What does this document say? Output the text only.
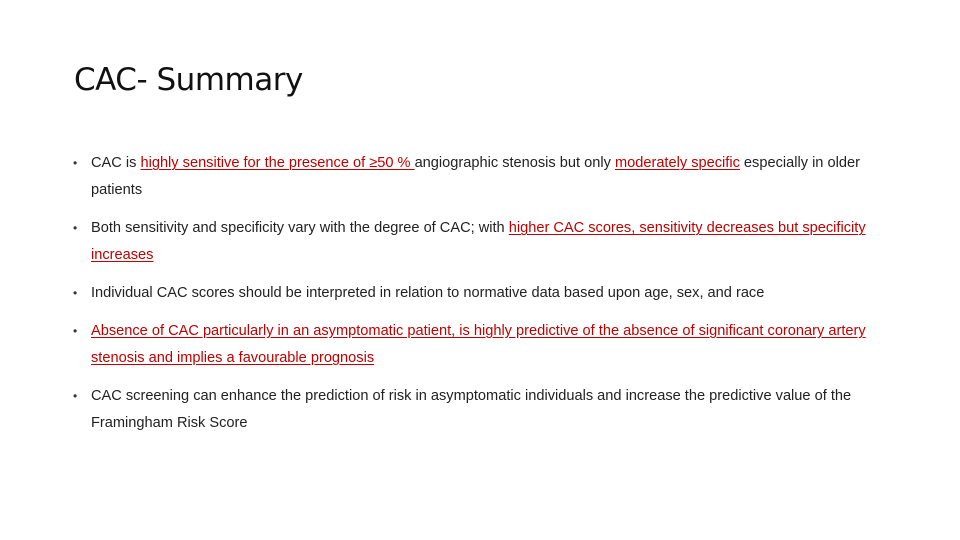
CAC- Summary
• CAC is highly sensitive for the presence of ≥50 % angiographic stenosis but only moderately specific especially in older patients
• Both sensitivity and specificity vary with the degree of CAC; with higher CAC scores, sensitivity decreases but specificity increases
• Individual CAC scores should be interpreted in relation to normative data based upon age, sex, and race
• Absence of CAC particularly in an asymptomatic patient, is highly predictive of the absence of significant coronary artery stenosis and implies a favourable prognosis
• CAC screening can enhance the prediction of risk in asymptomatic individuals and increase the predictive value of the Framingham Risk Score
